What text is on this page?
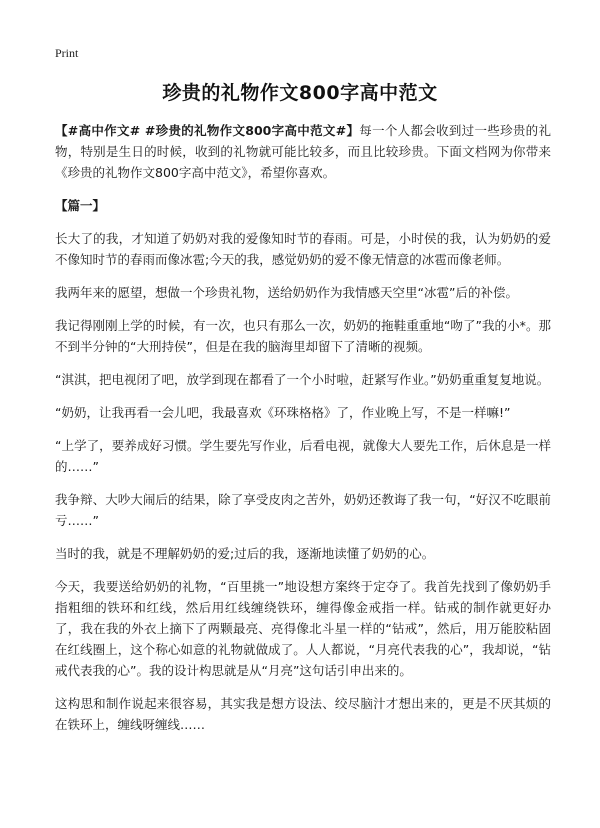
Print
珍贵的礼物作文800字高中范文

【#高中作文# #珍贵的礼物作文800字高中范文#】每一个人都会收到过一些珍贵的礼物，特别是生日的时候，收到的礼物就可能比较多，而且比较珍贵。下面文档网为你带来《珍贵的礼物作文800字高中范文》，希望你喜欢。

【篇一】

长大了的我，才知道了奶奶对我的爱像知时节的春雨。可是，小时侯的我，认为奶奶的爱不像知时节的春雨而像冰雹;今天的我，感觉奶奶的爱不像无情意的冰雹而像老师。

我两年来的愿望，想做一个珍贵礼物，送给奶奶作为我情感天空里“冰雹”后的补偿。

我记得刚刚上学的时候，有一次，也只有那么一次，奶奶的拖鞋重重地“吻了”我的小*。那不到半分钟的“大刑持侯”，但是在我的脑海里却留下了清晰的视频。

“淇淇，把电视闭了吧，放学到现在都看了一个小时啦，赶紧写作业。”奶奶重重复复地说。

“奶奶，让我再看一会儿吧，我最喜欢《环珠格格》了，作业晚上写，不是一样嘛!”

“上学了，要养成好习惯。学生要先写作业，后看电视，就像大人要先工作，后休息是一样的……”

我争辩、大吵大闹后的结果，除了享受皮肉之苦外，奶奶还教诲了我一句，“好汉不吃眼前亏……”

当时的我，就是不理解奶奶的爱;过后的我，逐渐地读懂了奶奶的心。

今天，我要送给奶奶的礼物，“百里挑一”地设想方案终于定夺了。我首先找到了像奶奶手指粗细的铁环和红线，然后用红线缠绕铁环，缠得像金戒指一样。钻戒的制作就更好办了，我在我的外衣上摘下了两颗最亮、亮得像北斗星一样的“钻戒”，然后，用万能胶粘固在红线圈上，这个称心如意的礼物就做成了。人人都说，“月亮代表我的心”，我却说，“钻戒代表我的心”。我的设计构思就是从“月亮”这句话引申出来的。

这构思和制作说起来很容易，其实我是想方设法、绞尽脑汁才想出来的，更是不厌其烦的在铁环上，缠线呀缠线……
